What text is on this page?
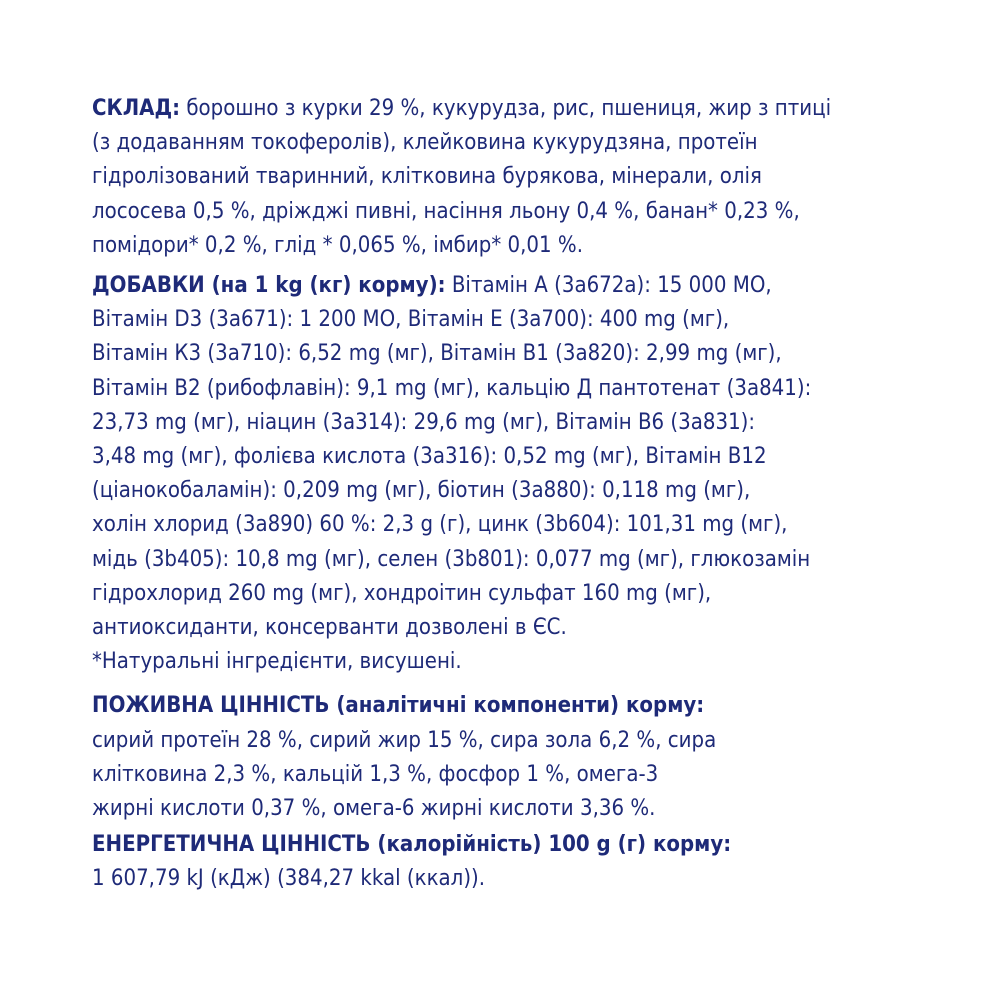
СКЛАД: борошно з курки 29 %, кукурудза, рис, пшениця, жир з птиці
(з додаванням токоферолів), клейковина кукурудзяна, протеїн
гідролізований тваринний, клітковина бурякова, мінерали, олія
лососева 0,5 %, дріжджі пивні, насіння льону 0,4 %, банан* 0,23 %,
помідори* 0,2 %, глід * 0,065 %, імбир* 0,01 %.
ДОБАВКИ (на 1 kg (кг) корму): Вітамін А (3а672а): 15 000 МО,
Вітамін D3 (3а671): 1 200 МО, Вітамін Е (3а700): 400 mg (мг),
Вітамін К3 (3а710): 6,52 mg (мг), Вітамін В1 (3а820): 2,99 mg (мг),
Вітамін В2 (рибофлавін): 9,1 mg (мг), кальцію Д пантотенат (3а841):
23,73 mg (мг), ніацин (3а314): 29,6 mg (мг), Вітамін В6 (3а831):
3,48 mg (мг), фолієва кислота (3а316): 0,52 mg (мг), Вітамін В12
(ціанокобаламін): 0,209 mg (мг), біотин (3а880): 0,118 mg (мг),
холін хлорид (3а890) 60 %: 2,3 g (г), цинк (3b604): 101,31 mg (мг),
мідь (3b405): 10,8 mg (мг), селен (3b801): 0,077 mg (мг), глюкозамін
гідрохлорид 260 mg (мг), хондроітин сульфат 160 mg (мг),
антиоксиданти, консерванти дозволені в ЄС.
*Натуральні інгредієнти, висушені.
ПОЖИВНА ЦІННІСТЬ (аналітичні компоненти) корму:
сирий протеїн 28 %, сирий жир 15 %, сира зола 6,2 %, сира
клітковина 2,3 %, кальцій 1,3 %, фосфор 1 %, омега-3
жирні кислоти 0,37 %, омега-6 жирні кислоти 3,36 %.
ЕНЕРГЕТИЧНА ЦІННІСТЬ (калорійність) 100 g (г) корму:
1 607,79 kJ (кДж) (384,27 kkal (ккал)).
